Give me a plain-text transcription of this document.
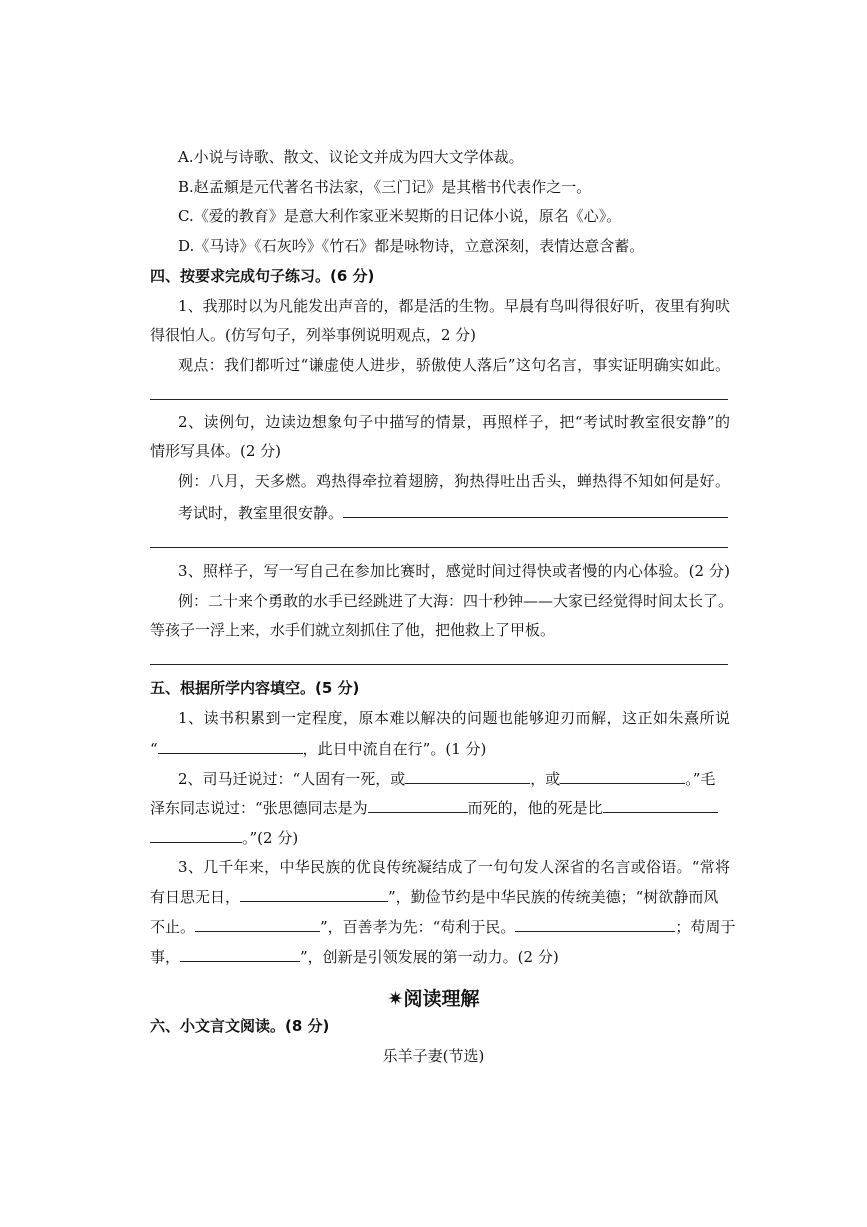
A.小说与诗歌、散文、议论文并成为四大文学体裁。
B.赵孟頫是元代著名书法家，《三门记》是其楷书代表作之一。
C.《爱的教育》是意大利作家亚米契斯的日记体小说，原名《心》。
D.《马诗》《石灰吟》《竹石》都是咏物诗，立意深刻，表情达意含蓄。
四、按要求完成句子练习。(6 分)
1、我那时以为凡能发出声音的，都是活的生物。早晨有鸟叫得很好听，夜里有狗吠
得很怕人。(仿写句子，列举事例说明观点，2 分)
观点：我们都听过“谦虚使人进步，骄傲使人落后”这句名言，事实证明确实如此。
2、读例句，边读边想象句子中描写的情景，再照样子，把“考试时教室很安静”的
情形写具体。(2 分)
例：八月，天多燃。鸡热得牵拉着翅膀，狗热得吐出舌头，蝉热得不知如何是好。
考试时，教室里很安静。
3、照样子，写一写自己在参加比赛时，感觉时间过得快或者慢的内心体验。(2 分)
例：二十来个勇敢的水手已经跳进了大海：四十秒钟——大家已经觉得时间太长了。
等孩子一浮上来，水手们就立刻抓住了他，把他救上了甲板。
五、根据所学内容填空。(5 分)
1、读书积累到一定程度，原本难以解决的问题也能够迎刃而解，这正如朱熹所说
“	，此日中流自在行”。(1 分)
2、司马迁说过：“人固有一死，或	，或	。”毛
泽东同志说过：“张思德同志是为	而死的，他的死是比
。”(2 分)
3、几千年来，中华民族的优良传统凝结成了一句句发人深省的名言或俗语。“常将
有日思无日，	”，勤俭节约是中华民族的传统美德；“树欲静而风
不止。	”，百善孝为先：“苟利于民。	；苟周于
事，	”，创新是引领发展的第一动力。(2 分)
✷阅读理解
六、小文言文阅读。(8 分)
乐羊子妻(节选)
